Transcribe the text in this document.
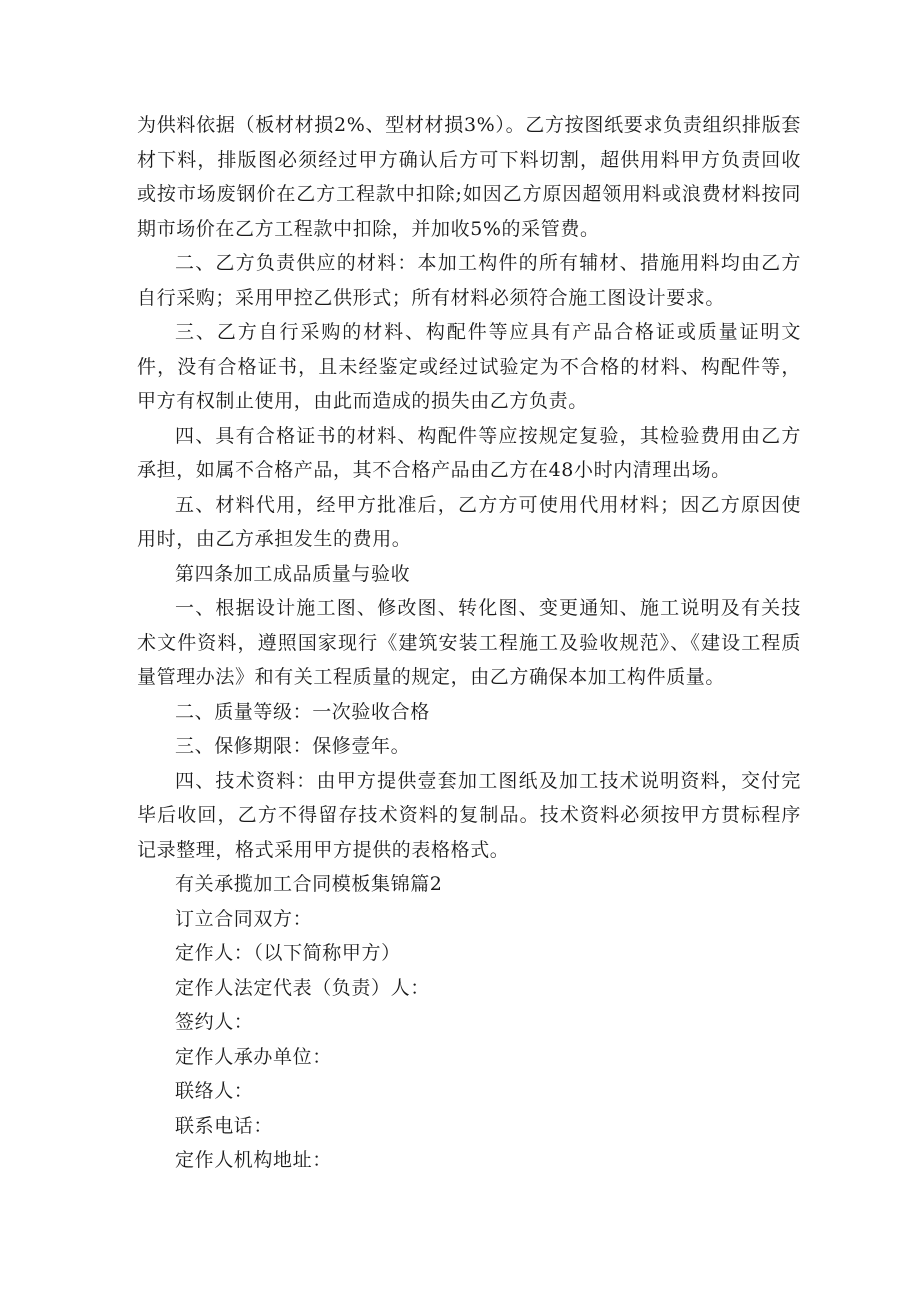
为供料依据（板材材损2%、型材材损3%）。乙方按图纸要求负责组织排版套材下料，排版图必须经过甲方确认后方可下料切割，超供用料甲方负责回收或按市场废钢价在乙方工程款中扣除;如因乙方原因超领用料或浪费材料按同期市场价在乙方工程款中扣除，并加收5%的采管费。

二、乙方负责供应的材料：本加工构件的所有辅材、措施用料均由乙方自行采购；采用甲控乙供形式；所有材料必须符合施工图设计要求。

三、乙方自行采购的材料、构配件等应具有产品合格证或质量证明文件，没有合格证书，且未经鉴定或经过试验定为不合格的材料、构配件等，甲方有权制止使用，由此而造成的损失由乙方负责。

四、具有合格证书的材料、构配件等应按规定复验，其检验费用由乙方承担，如属不合格产品，其不合格产品由乙方在48小时内清理出场。

五、材料代用，经甲方批准后，乙方方可使用代用材料；因乙方原因使用时，由乙方承担发生的费用。

第四条加工成品质量与验收

一、根据设计施工图、修改图、转化图、变更通知、施工说明及有关技术文件资料，遵照国家现行《建筑安装工程施工及验收规范》、《建设工程质量管理办法》和有关工程质量的规定，由乙方确保本加工构件质量。

二、质量等级：一次验收合格

三、保修期限：保修壹年。

四、技术资料：由甲方提供壹套加工图纸及加工技术说明资料，交付完毕后收回，乙方不得留存技术资料的复制品。技术资料必须按甲方贯标程序记录整理，格式采用甲方提供的表格格式。

有关承揽加工合同模板集锦篇2

订立合同双方：

定作人：（以下简称甲方）

定作人法定代表（负责）人：

签约人：

定作人承办单位：

联络人：

联系电话：

定作人机构地址：
